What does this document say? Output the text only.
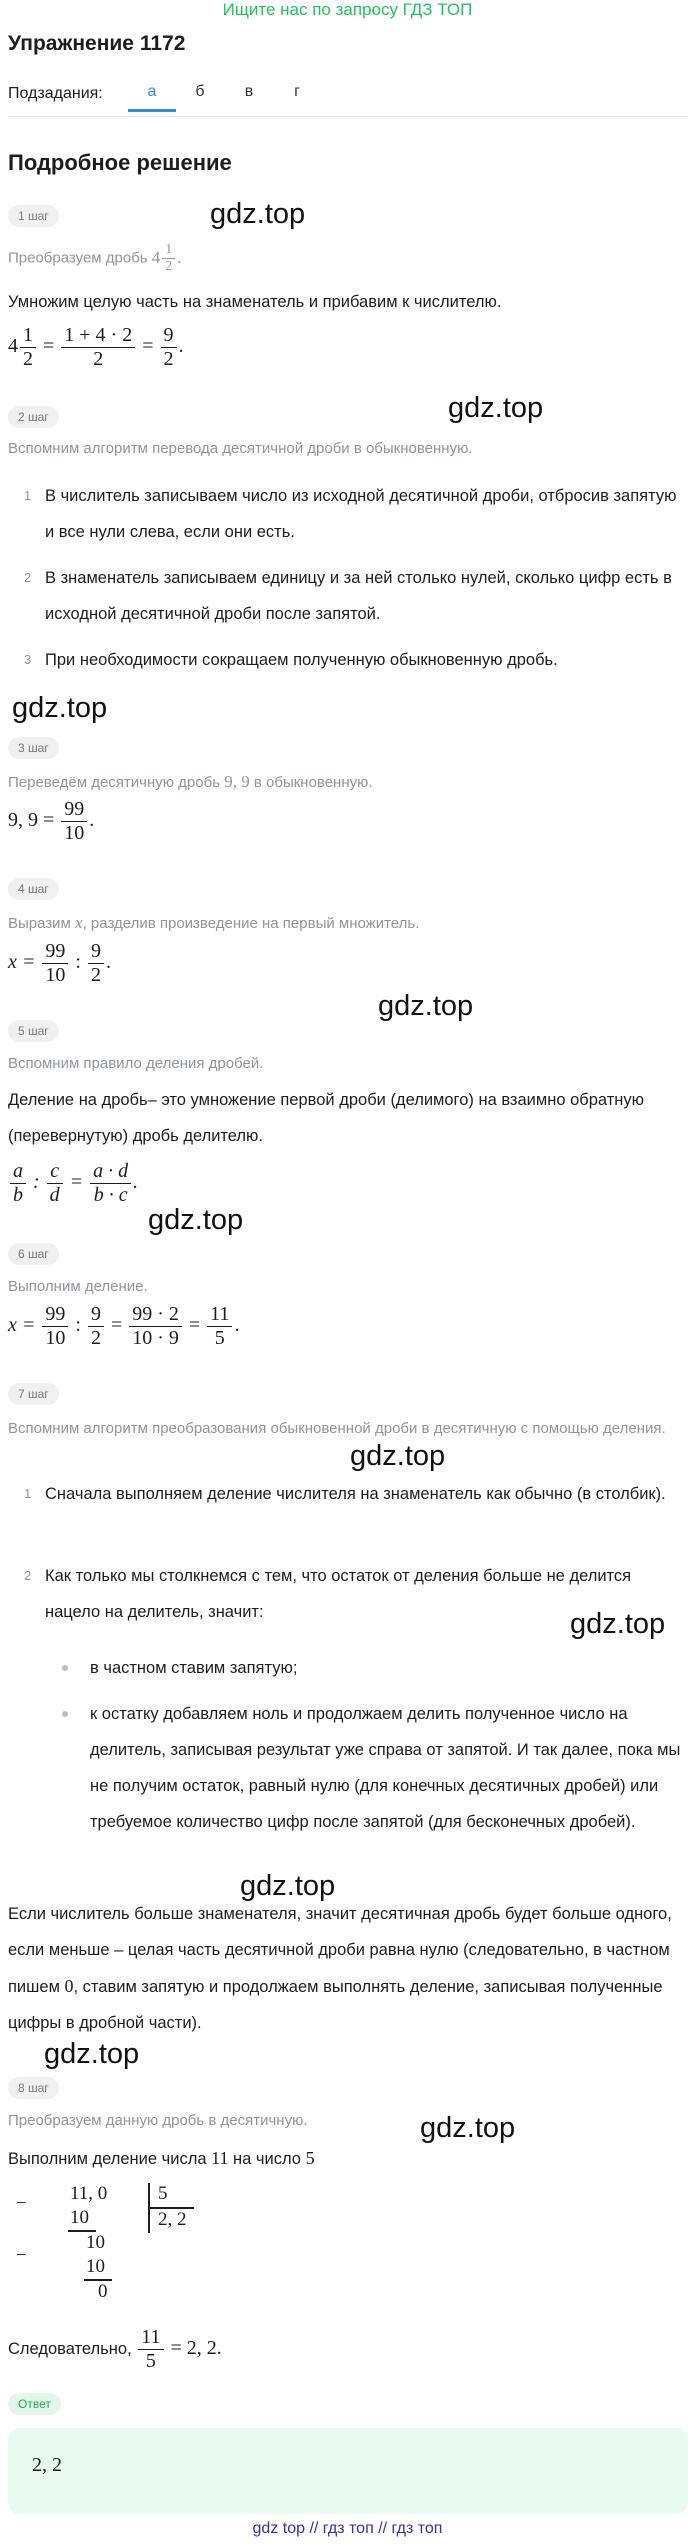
Ищите нас по запросу ГДЗ ТОП
Упражнение 1172
Подзадания:	а	б	в	г
Подробное решение
1 шаг	gdz.top
Преобразуем дробь $4 \frac{1}{2}$ .
Умножим целую часть на знаменатель и прибавим к числителю.
$4 \frac{1}{2} = \frac{1 + 4 \cdot 2}{2} = \frac{9}{2}$ .
gdz.top
2 шаг
Вспомним алгоритм перевода десятичной дроби в обыкновенную.
1 В числитель записываем число из исходной десятичной дроби, отбросив запятую и все нули слева, если они есть.
2 В знаменатель записываем единицу и за ней столько нулей, сколько цифр есть в исходной десятичной дроби после запятой.
3 При необходимости сокращаем полученную обыкновенную дробь.
gdz.top
3 шаг
Переведём десятичную дробь 9, 9 в обыкновенную.
9, $9 = \frac{99}{10}$ .
4 шаг
Выразим x, разделив произведение на первый множитель.
$x = \frac{99}{10}$ : $\frac{9}{2}$ .
gdz.top
5 шаг
Вспомним правило деления дробей.
Деление на дробь– это умножение первой дроби (делимого) на взаимно обратную (перевернутую) дробь делителю.
$\frac{a}{b}$ : $\frac{c}{d} = \frac{a \cdot d}{b \cdot c}$ .
gdz.top
6 шаг
Выполним деление.
$x = \frac{99}{10}$ : $\frac{9}{2} = \frac{99 \cdot 2}{10 \cdot 9} = \frac{11}{5}$ .
7 шаг
Вспомним алгоритм преобразования обыкновенной дроби в десятичную с помощью деления.
gdz.top
1 Сначала выполняем деление числителя на знаменатель как обычно (в столбик).
2 Как только мы столкнемся с тем, что остаток от деления больше не делится нацело на делитель, значит:	gdz.top
в частном ставим запятую;
к остатку добавляем ноль и продолжаем делить полученное число на делитель, записывая результат уже справа от запятой. И так далее, пока мы не получим остаток, равный нулю (для конечных десятичных дробей) или требуемое количество цифр после запятой (для бесконечных дробей).
gdz.top
Если числитель больше знаменателя, значит десятичная дробь будет больше одного, если меньше – целая часть десятичной дроби равна нулю (следовательно, в частном пишем 0, ставим запятую и продолжаем выполнять деление, записывая полученные цифры в дробной части).
gdz.top
8 шаг
Преобразуем данную дробь в десятичную.	gdz.top
Выполним деление числа 11 на число 5
− 11, 0	5
2, 2
10
10
−
10
0
Следовательно, $\frac{11}{5} = 2$, 2.
Ответ
2, 2
gdz top // гдз топ // гдз топ
